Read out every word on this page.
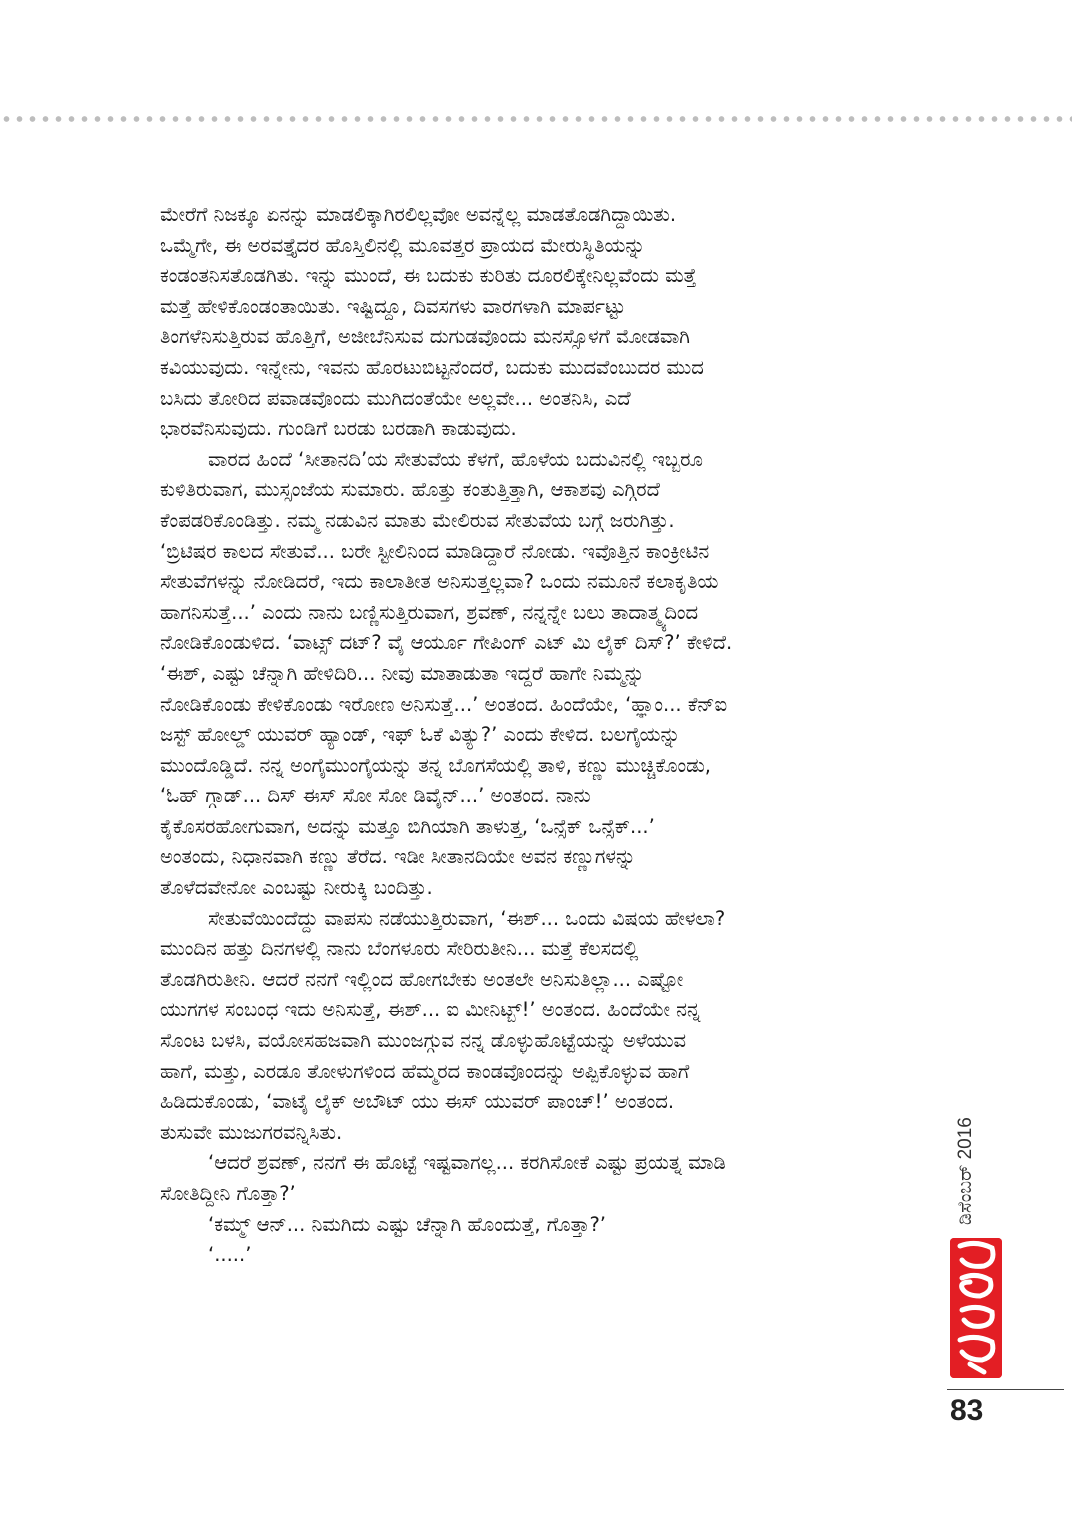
ಮೇರೆಗೆ ನಿಜಕ್ಕೂ ಏನನ್ನು ಮಾಡಲಿಕ್ಕಾಗಿರಲಿಲ್ಲವೋ ಅವನ್ನೆಲ್ಲ ಮಾಡತೊಡಗಿದ್ದಾಯಿತು.
ಒಮ್ಮೆಗೇ, ಈ ಅರವತ್ತೈದರ ಹೊಸ್ತಿಲಿನಲ್ಲಿ ಮೂವತ್ತರ ಪ್ರಾಯದ ಮೇರುಸ್ಥಿತಿಯನ್ನು
ಕಂಡಂತನಿಸತೊಡಗಿತು. ಇನ್ನು ಮುಂದೆ, ಈ ಬದುಕು ಕುರಿತು ದೂರಲಿಕ್ಕೇನಿಲ್ಲವೆಂದು ಮತ್ತೆ
ಮತ್ತೆ ಹೇಳಿಕೊಂಡಂತಾಯಿತು. ಇಷ್ಟಿದ್ದೂ, ದಿವಸಗಳು ವಾರಗಳಾಗಿ ಮಾರ್ಪಟ್ಟು
ತಿಂಗಳೆನಿಸುತ್ತಿರುವ ಹೊತ್ತಿಗೆ, ಅಜೀಬೆನಿಸುವ ದುಗುಡವೊಂದು ಮನಸ್ಸೊಳಗೆ ಮೋಡವಾಗಿ
ಕವಿಯುವುದು. ಇನ್ನೇನು, ಇವನು ಹೊರಟುಬಿಟ್ಟನೆಂದರೆ, ಬದುಕು ಮುದವೆಂಬುದರ ಮುದ
ಬಸಿದು ತೋರಿದ ಪವಾಡವೊಂದು ಮುಗಿದಂತೆಯೇ ಅಲ್ಲವೇ... ಅಂತನಿಸಿ, ಎದೆ
ಭಾರವೆನಿಸುವುದು. ಗುಂಡಿಗೆ ಬರಡು ಬರಡಾಗಿ ಕಾಡುವುದು.

ವಾರದ ಹಿಂದೆ ‘ಸೀತಾನದಿ’ಯ ಸೇತುವೆಯ ಕೆಳಗೆ, ಹೊಳೆಯ ಬದುವಿನಲ್ಲಿ ಇಬ್ಬರೂ
ಕುಳಿತಿರುವಾಗ, ಮುಸ್ಸಂಜೆಯ ಸುಮಾರು. ಹೊತ್ತು ಕಂತುತ್ತಿತ್ತಾಗಿ, ಆಕಾಶವು ಎಗ್ಗಿರದೆ
ಕೆಂಪಡರಿಕೊಂಡಿತ್ತು. ನಮ್ಮ ನಡುವಿನ ಮಾತು ಮೇಲಿರುವ ಸೇತುವೆಯ ಬಗ್ಗೆ ಜರುಗಿತ್ತು.
‘ಬ್ರಿಟಿಷರ ಕಾಲದ ಸೇತುವೆ... ಬರೇ ಸ್ಟೀಲಿನಿಂದ ಮಾಡಿದ್ದಾರೆ ನೋಡು. ಇವೊತ್ತಿನ ಕಾಂಕ್ರೀಟಿನ
ಸೇತುವೆಗಳನ್ನು ನೋಡಿದರೆ, ಇದು ಕಾಲಾತೀತ ಅನಿಸುತ್ತಲ್ಲವಾ? ಒಂದು ನಮೂನೆ ಕಲಾಕೃತಿಯ
ಹಾಗನಿಸುತ್ತೆ...’ ಎಂದು ನಾನು ಬಣ್ಣಿಸುತ್ತಿರುವಾಗ, ಶ್ರವಣ್, ನನ್ನನ್ನೇ ಬಲು ತಾದಾತ್ಮ್ಯದಿಂದ
ನೋಡಿಕೊಂಡುಳಿದ. ‘ವಾಟ್ಸ್ ದಟ್? ವೈ ಆರ್ಯೂ ಗೇಪಿಂಗ್ ಎಟ್ ಮಿ ಲೈಕ್ ದಿಸ್?’ ಕೇಳಿದೆ.
‘ಈಶ್, ಎಷ್ಟು ಚೆನ್ನಾಗಿ ಹೇಳಿದಿರಿ... ನೀವು ಮಾತಾಡುತಾ ಇದ್ದರೆ ಹಾಗೇ ನಿಮ್ಮನ್ನು
ನೋಡಿಕೊಂಡು ಕೇಳಿಕೊಂಡು ಇರೋಣ ಅನಿಸುತ್ತೆ...’ ಅಂತಂದ. ಹಿಂದೆಯೇ, ‘ಹ್ಞಾಂ... ಕೆನ್ಐ
ಜಸ್ಟ್ ಹೋಲ್ಡ್ ಯುವರ್ ಹ್ಯಾಂಡ್, ಇಫ್ ಓಕೆ ವಿತ್ಯು?’ ಎಂದು ಕೇಳಿದ. ಬಲಗೈಯನ್ನು
ಮುಂದೊಡ್ಡಿದೆ. ನನ್ನ ಅಂಗೈಮುಂಗೈಯನ್ನು ತನ್ನ ಬೊಗಸೆಯಲ್ಲಿ ತಾಳಿ, ಕಣ್ಣು ಮುಚ್ಚಿಕೊಂಡು,
‘ಓಹ್ ಗ್ಗಾಡ್... ದಿಸ್ ಈಸ್ ಸೋ ಸೋ ಡಿವೈನ್...’ ಅಂತಂದ. ನಾನು
ಕೈಕೊಸರಹೋಗುವಾಗ, ಅದನ್ನು ಮತ್ತೂ ಬಿಗಿಯಾಗಿ ತಾಳುತ್ತ, ‘ಒನ್ಸೆಕ್ ಒನ್ಸೆಕ್...’
ಅಂತಂದು, ನಿಧಾನವಾಗಿ ಕಣ್ಣು ತೆರೆದ. ಇಡೀ ಸೀತಾನದಿಯೇ ಅವನ ಕಣ್ಣುಗಳನ್ನು
ತೊಳೆದವೇನೋ ಎಂಬಷ್ಟು ನೀರುಕ್ಕಿ ಬಂದಿತ್ತು.

ಸೇತುವೆಯಿಂದೆದ್ದು ವಾಪಸು ನಡೆಯುತ್ತಿರುವಾಗ, ‘ಈಶ್... ಒಂದು ವಿಷಯ ಹೇಳಲಾ?
ಮುಂದಿನ ಹತ್ತು ದಿನಗಳಲ್ಲಿ ನಾನು ಬೆಂಗಳೂರು ಸೇರಿರುತೀನಿ... ಮತ್ತೆ ಕೆಲಸದಲ್ಲಿ
ತೊಡಗಿರುತೀನಿ. ಆದರೆ ನನಗೆ ಇಲ್ಲಿಂದ ಹೋಗಬೇಕು ಅಂತಲೇ ಅನಿಸುತಿಲ್ಲಾ... ಎಷ್ಟೋ
ಯುಗಗಳ ಸಂಬಂಧ ಇದು ಅನಿಸುತ್ತೆ, ಈಶ್... ಐ ಮೀನಿಟ್ಬ್!’ ಅಂತಂದ. ಹಿಂದೆಯೇ ನನ್ನ
ಸೊಂಟ ಬಳಸಿ, ವಯೋಸಹಜವಾಗಿ ಮುಂಜಗ್ಗುವ ನನ್ನ ಡೊಳ್ಳುಹೊಟ್ಟೆಯನ್ನು ಅಳೆಯುವ
ಹಾಗೆ, ಮತ್ತು, ಎರಡೂ ತೋಳುಗಳಿಂದ ಹೆಮ್ಮರದ ಕಾಂಡವೊಂದನ್ನು ಅಪ್ಪಿಕೊಳ್ಳುವ ಹಾಗೆ
ಹಿಡಿದುಕೊಂಡು, ‘ವಾಟೈ ಲೈಕ್ ಅಬೌಟ್ ಯು ಈಸ್ ಯುವರ್ ಪಾಂಚ್!’ ಅಂತಂದ.
ತುಸುವೇ ಮುಜುಗರವನ್ನಿಸಿತು.

‘ಆದರೆ ಶ್ರವಣ್, ನನಗೆ ಈ ಹೊಟ್ಟೆ ಇಷ್ಟವಾಗಲ್ಲ... ಕರಗಿಸೋಕೆ ಎಷ್ಟು ಪ್ರಯತ್ನ ಮಾಡಿ
ಸೋತಿದ್ದೀನಿ ಗೊತ್ತಾ?’

‘ಕಮ್ಮ್ ಆನ್... ನಿಮಗಿದು ಎಷ್ಟು ಚೆನ್ನಾಗಿ ಹೊಂದುತ್ತೆ, ಗೊತ್ತಾ?’

‘.....’

ಡಿಸೆಂಬರ್ 2016
83
